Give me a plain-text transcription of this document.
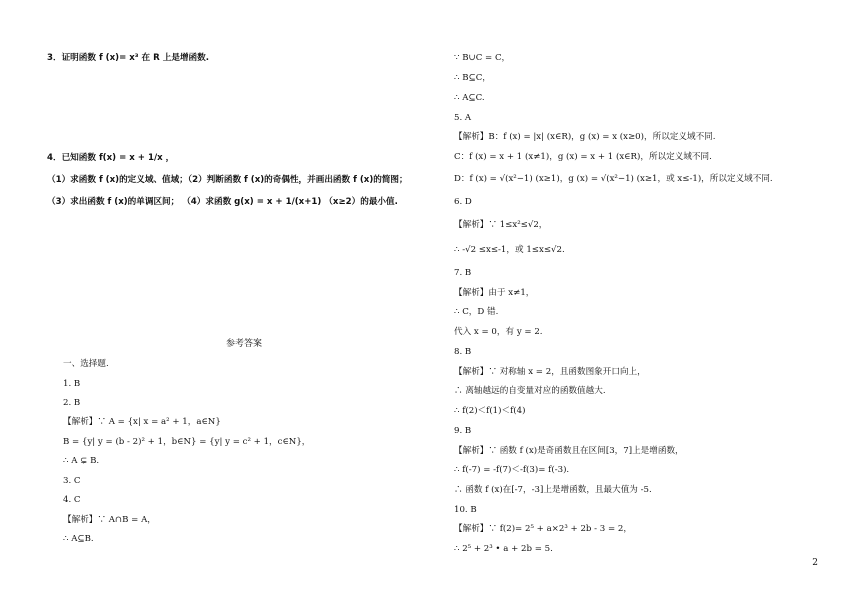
3．证明函数 f (x)= x³ 在 R 上是增函数.
4．已知函数 f(x) = x + 1/x ，
（1）求函数 f (x)的定义域、值域；（2）判断函数 f (x)的奇偶性，并画出函数 f (x)的简图；
（3）求出函数 f (x)的单调区间； （4）求函数 g(x) = x + 1/(x+1) （x≥2）的最小值.
参考答案
一、选择题.
1. B
2. B
【解析】∵ A = {x| x = a² + 1，a∈N}
B = {y| y = (b - 2)² + 1，b∈N} = {y| y = c² + 1，c∈N}，
∴ A ⊊ B.
3. C
4. C
【解析】∵ A∩B = A，
∴ A⊆B.
∵ B∪C = C，
∴ B⊆C，
∴ A⊆C.
5. A
【解析】B：f (x) = |x| (x∈R)，g (x) = x (x≥0)，所以定义域不同.
C：f (x) = x + 1 (x≠1)，g (x) = x + 1 (x∈R)，所以定义域不同.
D：f (x) = √(x²−1) (x≥1)，g (x) = √(x²−1) (x≥1，或 x≤-1)，所以定义域不同.
6. D
【解析】∵ 1≤x²≤√2，
∴ -√2 ≤x≤-1，或 1≤x≤√2.
7. B
【解析】由于 x≠1，
∴ C，D 错.
代入 x = 0，有 y = 2.
8. B
【解析】∵ 对称轴 x = 2，且函数图象开口向上，
∴ 离轴越远的自变量对应的函数值越大.
∴ f(2)＜f(1)＜f(4)
9. B
【解析】∵ 函数 f (x)是奇函数且在区间[3，7]上是增函数，
∴ f(-7) = -f(7)＜-f(3)= f(-3).
∴ 函数 f (x)在[-7，-3]上是增函数，且最大值为 -5.
10. B
【解析】∵ f(2)= 2⁵ + a×2³ + 2b - 3 = 2，
∴ 2⁵ + 2³ • a + 2b = 5.
2
